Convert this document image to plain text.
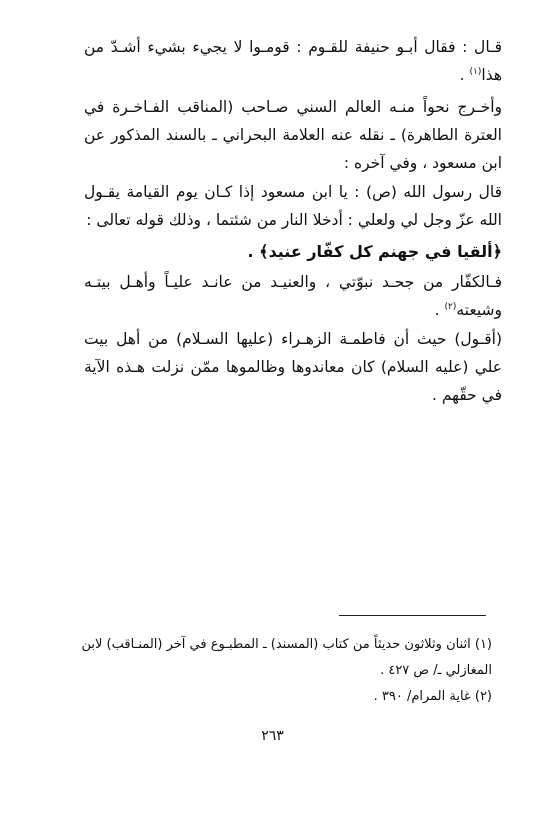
قـال : فقال أبـو حنيفة للقـوم : قومـوا لا يجيء بشيء أشـدّ من هذا$^{(١)}$ .

وأخـرج نحواً منـه العالم السني صـاحب (المناقب الفـاخـرة في العترة الطاهرة) ـ نقله عنه العلامة البحراني ـ بالسند المذكور عن ابن مسعود ، وفي آخره :

قال رسول الله (ص) : يا ابن مسعود إذا كـان يوم القيامة يقـول الله عزّ وجل لي ولعلي : أدخلا النار من شئتما ، وذلك قوله تعالى :

﴿ألقيا في جهنم كل كفّار عنيد﴾ .

فـالكفّار من جحـد نبوّتي ، والعنيـد من عانـد عليـاً وأهـل بيتـه وشيعته$^{(٢)}$ .

(أقـول) حيث أن فاطمـة الزهـراء (عليها السـلام) من أهل بيت علي (عليه السلام) كان معاندوها وظالموها ممّن نزلت هـذه الآية في حقّهم .

(١) اثنان وثلاثون حديثاً من كتاب (المسند) ـ المطبـوع في آخر (المنـاقب) لابن
المغازلي ـ/ ص ٤٢٧ .
(٢) غاية المرام/ ٣٩٠ .
٢٦٣
